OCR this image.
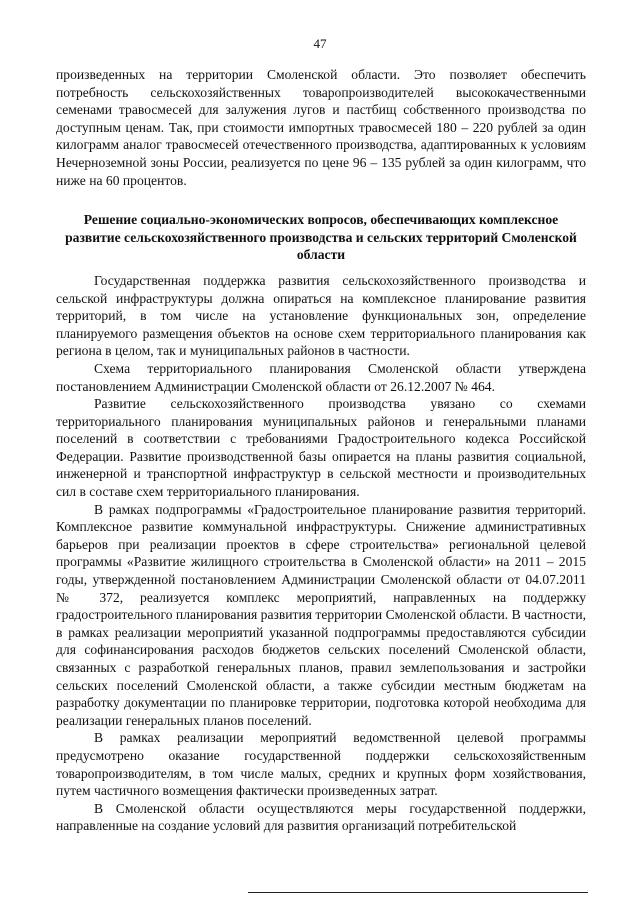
47

произведенных на территории Смоленской области. Это позволяет обеспечить потребность сельскохозяйственных товаропроизводителей высококачественными семенами травосмесей для залужения лугов и пастбищ собственного производства по доступным ценам. Так, при стоимости импортных травосмесей 180 – 220 рублей за один килограмм аналог травосмесей отечественного производства, адаптированных к условиям Нечерноземной зоны России, реализуется по цене 96 – 135 рублей за один килограмм, что ниже на 60 процентов.

Решение социально-экономических вопросов, обеспечивающих комплексное развитие сельскохозяйственного производства и сельских территорий Смоленской области

Государственная поддержка развития сельскохозяйственного производства и сельской инфраструктуры должна опираться на комплексное планирование развития территорий, в том числе на установление функциональных зон, определение планируемого размещения объектов на основе схем территориального планирования как региона в целом, так и муниципальных районов в частности.

Схема территориального планирования Смоленской области утверждена постановлением Администрации Смоленской области от 26.12.2007 № 464.

Развитие сельскохозяйственного производства увязано со схемами территориального планирования муниципальных районов и генеральными планами поселений в соответствии с требованиями Градостроительного кодекса Российской Федерации. Развитие производственной базы опирается на планы развития социальной, инженерной и транспортной инфраструктур в сельской местности и производительных сил в составе схем территориального планирования.

В рамках подпрограммы «Градостроительное планирование развития территорий. Комплексное развитие коммунальной инфраструктуры. Снижение административных барьеров при реализации проектов в сфере строительства» региональной целевой программы «Развитие жилищного строительства в Смоленской области» на 2011 – 2015 годы, утвержденной постановлением Администрации Смоленской области от 04.07.2011 № 372, реализуется комплекс мероприятий, направленных на поддержку градостроительного планирования развития территории Смоленской области. В частности, в рамках реализации мероприятий указанной подпрограммы предоставляются субсидии для софинансирования расходов бюджетов сельских поселений Смоленской области, связанных с разработкой генеральных планов, правил землепользования и застройки сельских поселений Смоленской области, а также субсидии местным бюджетам на разработку документации по планировке территории, подготовка которой необходима для реализации генеральных планов поселений.

В рамках реализации мероприятий ведомственной целевой программы предусмотрено оказание государственной поддержки сельскохозяйственным товаропроизводителям, в том числе малых, средних и крупных форм хозяйствования, путем частичного возмещения фактически произведенных затрат.

В Смоленской области осуществляются меры государственной поддержки, направленные на создание условий для развития организаций потребительской
